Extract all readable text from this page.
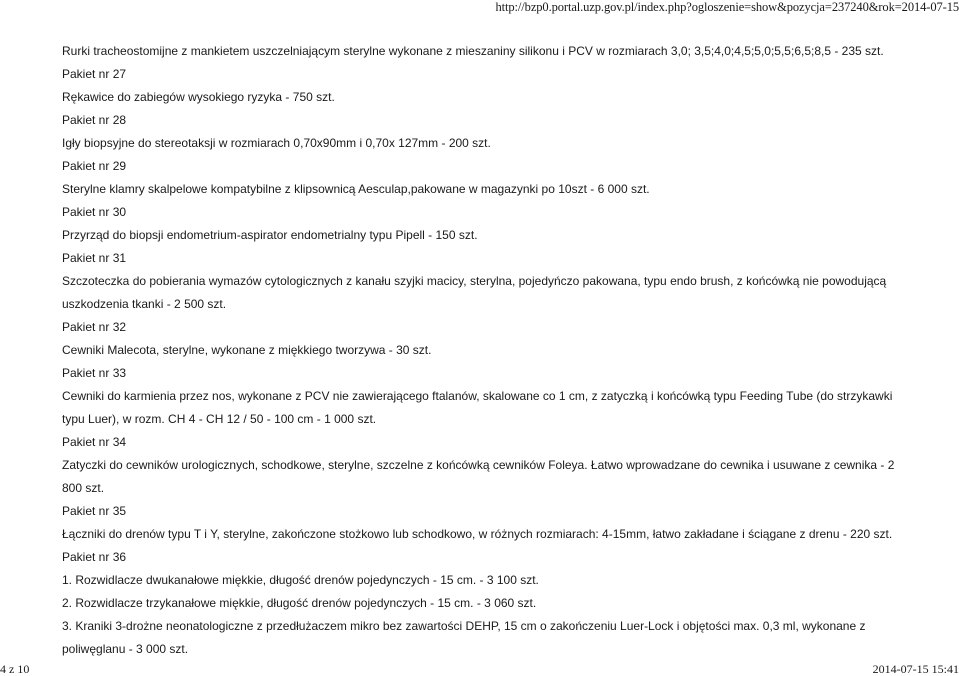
http://bzp0.portal.uzp.gov.pl/index.php?ogloszenie=show&pozycja=237240&rok=2014-07-15

Rurki tracheostomijne z mankietem uszczelniającym sterylne wykonane z mieszaniny silikonu i PCV w rozmiarach 3,0; 3,5;4,0;4,5;5,0;5,5;6,5;8,5 - 235 szt.

Pakiet nr 27

Rękawice do zabiegów wysokiego ryzyka - 750 szt.

Pakiet nr 28

Igły biopsyjne do stereotaksji w rozmiarach 0,70x90mm i 0,70x 127mm - 200 szt.

Pakiet nr 29

Sterylne klamry skalpelowe kompatybilne z klipsownicą Aesculap,pakowane w magazynki po 10szt - 6 000 szt.

Pakiet nr 30

Przyrząd do biopsji endometrium-aspirator endometrialny typu Pipell - 150 szt.

Pakiet nr 31

Szczoteczka do pobierania wymazów cytologicznych z kanału szyjki macicy, sterylna, pojedyńczo pakowana, typu endo brush, z końcówką nie powodującą uszkodzenia tkanki - 2 500 szt.

Pakiet nr 32

Cewniki Malecota, sterylne, wykonane z miękkiego tworzywa - 30 szt.

Pakiet nr 33

Cewniki do karmienia przez nos, wykonane z PCV nie zawierającego ftalanów, skalowane co 1 cm, z zatyczką i końcówką typu Feeding Tube (do strzykawki typu Luer), w rozm. CH 4 - CH 12 / 50 - 100 cm - 1 000 szt.

Pakiet nr 34

Zatyczki do cewników urologicznych, schodkowe, sterylne, szczelne z końcówką cewników Foleya. Łatwo wprowadzane do cewnika i usuwane z cewnika - 2 800 szt.

Pakiet nr 35

Łączniki do drenów typu T i Y, sterylne, zakończone stożkowo lub schodkowo, w różnych rozmiarach: 4-15mm, łatwo zakładane i ściągane z drenu - 220 szt.

Pakiet nr 36

1. Rozwidlacze dwukanałowe miękkie, długość drenów pojedynczych - 15 cm. - 3 100 szt.

2. Rozwidlacze trzykanałowe miękkie, długość drenów pojedynczych - 15 cm. - 3 060 szt.

3. Kraniki 3-drożne neonatologiczne z przedłużaczem mikro bez zawartości DEHP, 15 cm o zakończeniu Luer-Lock i objętości max. 0,3 ml, wykonane z poliwęglanu - 3 000 szt.

4 z 10	2014-07-15 15:41
